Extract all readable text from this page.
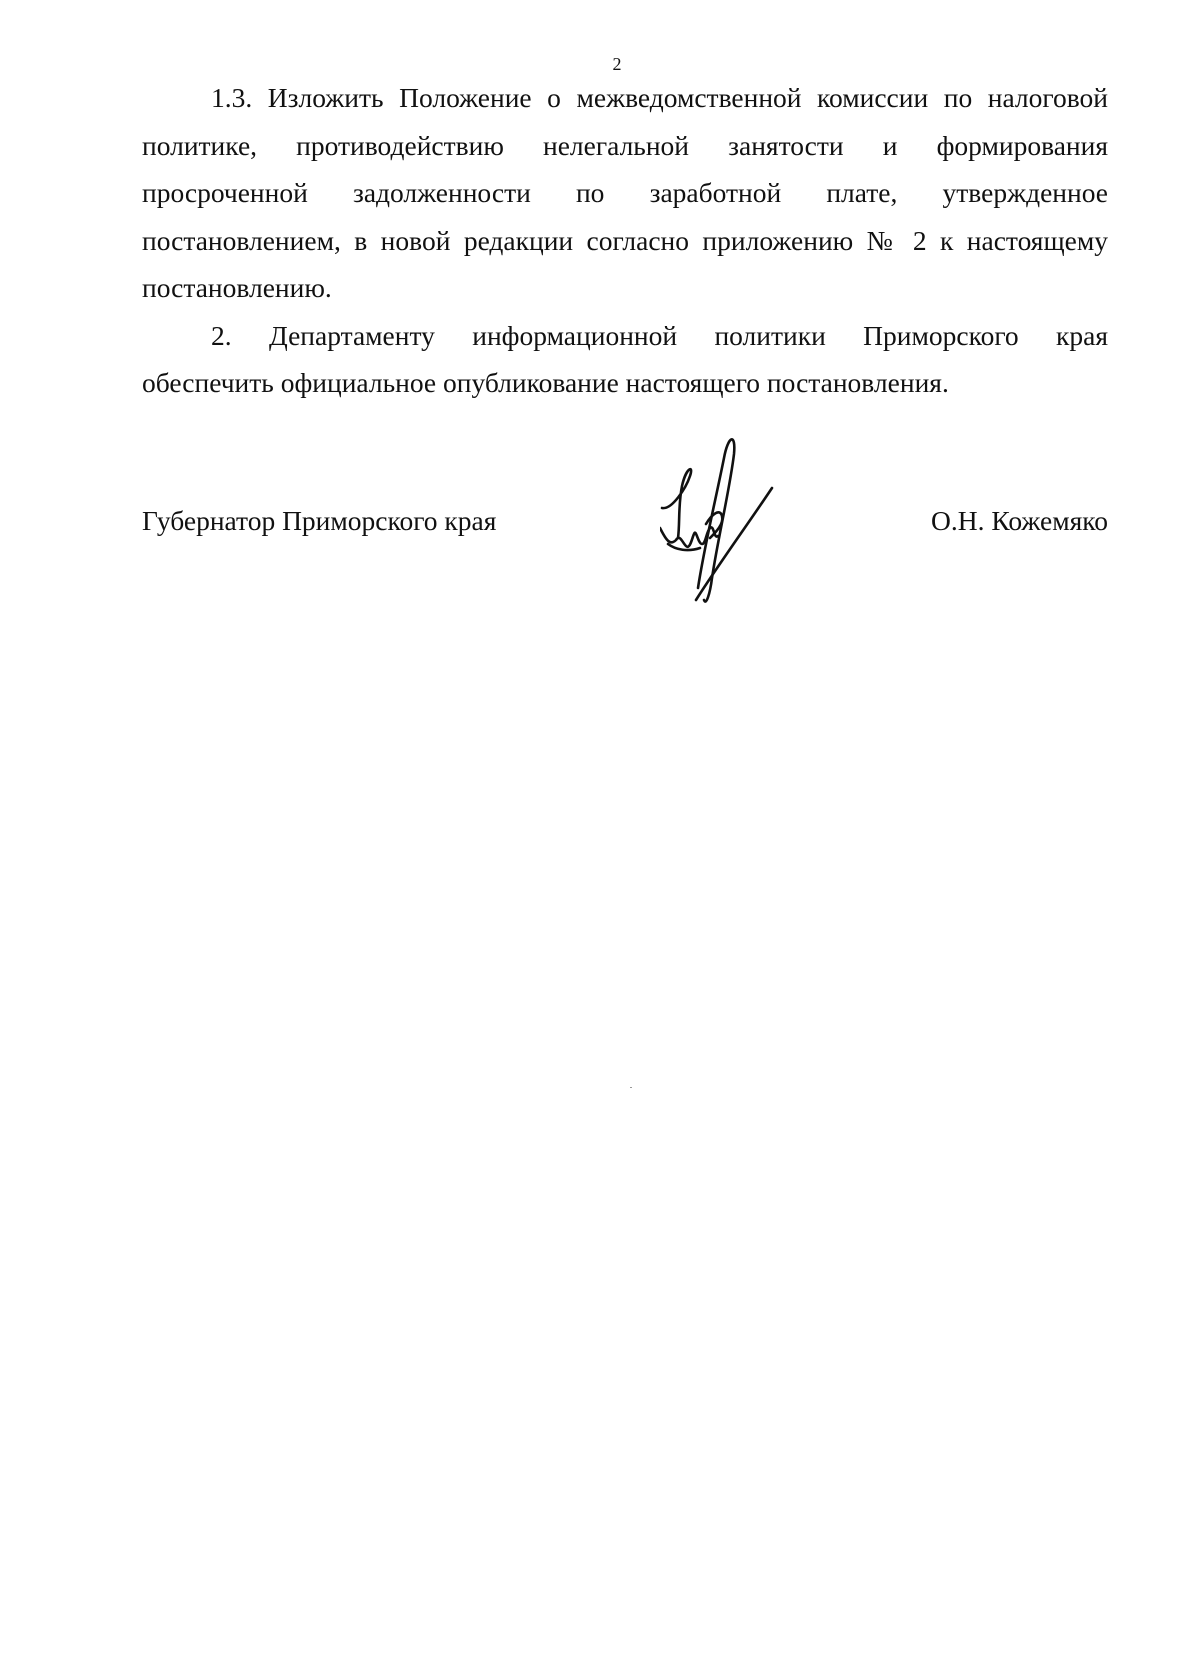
2
1.3. Изложить Положение о межведомственной комиссии по налоговой
политике, противодействию нелегальной занятости и формирования
просроченной задолженности по заработной плате, утвержденное
постановлением, в новой редакции согласно приложению № 2 к настоящему
постановлению.
2. Департаменту информационной политики Приморского края
обеспечить официальное опубликование настоящего постановления.
Губернатор Приморского края	О.Н. Кожемяко
